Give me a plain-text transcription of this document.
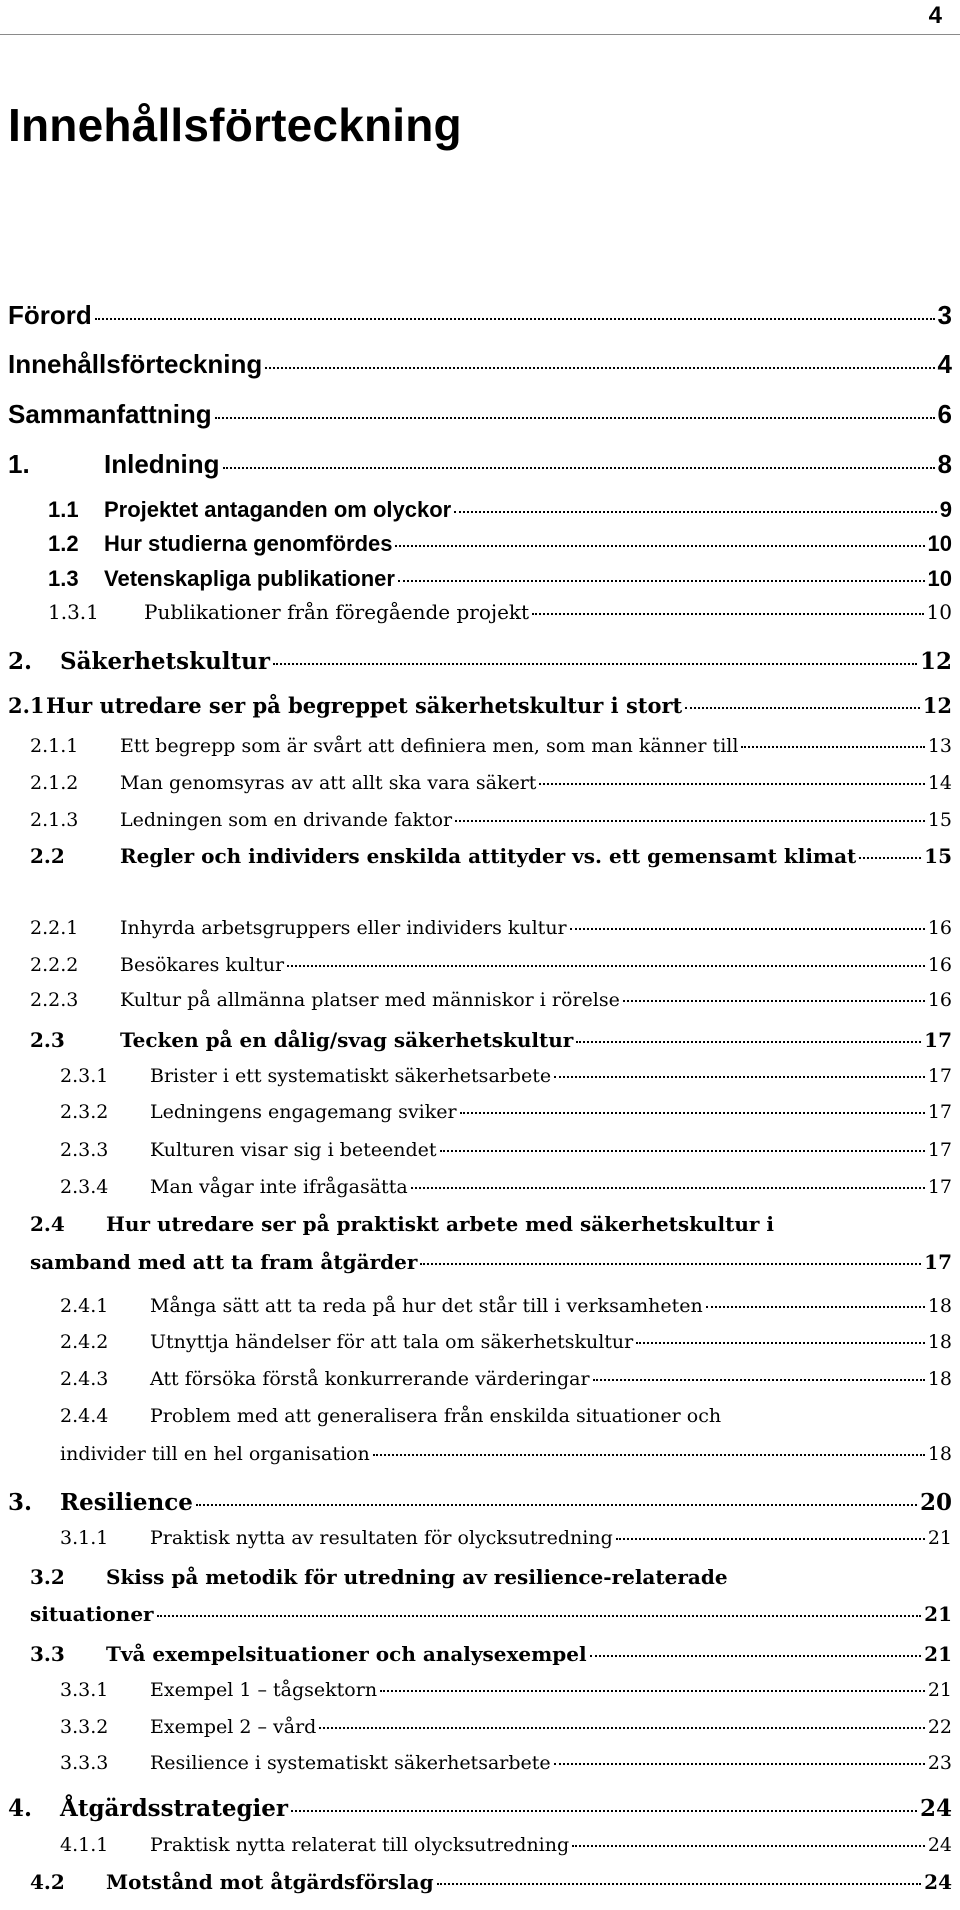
4
Innehållsförteckning
Förord	3
Innehållsförteckning	4
Sammanfattning	6
1.	Inledning	8
1.1	Projektet antaganden om olyckor	9
1.2	Hur studierna genomfördes	10
1.3	Vetenskapliga publikationer	10
1.3.1	Publikationer från föregående projekt	10
2.	Säkerhetskultur	12
2.1 Hur utredare ser på begreppet säkerhetskultur i stort	12
2.1.1	Ett begrepp som är svårt att definiera men, som man känner till	13
2.1.2	Man genomsyras av att allt ska vara säkert	14
2.1.3	Ledningen som en drivande faktor	15
2.2	Regler och individers enskilda attityder vs. ett gemensamt klimat	15
2.2.1	Inhyrda arbetsgruppers eller individers kultur	16
2.2.2	Besökares kultur	16
2.2.3	Kultur på allmänna platser med människor i rörelse	16
2.3	Tecken på en dålig/svag säkerhetskultur	17
2.3.1	Brister i ett systematiskt säkerhetsarbete	17
2.3.2	Ledningens engagemang sviker	17
2.3.3	Kulturen visar sig i beteendet	17
2.3.4	Man vågar inte ifrågasätta	17
2.4 Hur utredare ser på praktiskt arbete med säkerhetskultur i
samband med att ta fram åtgärder	17
2.4.1	Många sätt att ta reda på hur det står till i verksamheten	18
2.4.2	Utnyttja händelser för att tala om säkerhetskultur	18
2.4.3	Att försöka förstå konkurrerande värderingar	18
2.4.4 Problem med att generalisera från enskilda situationer och
individer till en hel organisation	18
3.	Resilience	20
3.1.1	Praktisk nytta av resultaten för olycksutredning	21
3.2 Skiss på metodik för utredning av resilience-relaterade
situationer	21
3.3	Två exempelsituationer och analysexempel	21
3.3.1	Exempel 1 – tågsektorn	21
3.3.2	Exempel 2 – vård	22
3.3.3	Resilience i systematiskt säkerhetsarbete	23
4.	Åtgärdsstrategier	24
4.1.1	Praktisk nytta relaterat till olycksutredning	24
4.2	Motstånd mot åtgärdsförslag	24
